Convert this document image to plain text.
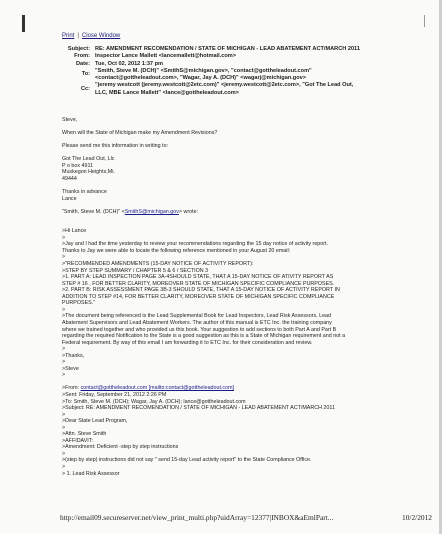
Print | Close Window
Subject: RE: AMENDMENT RECOMENDATION / STATE OF MICHIGAN - LEAD ABATEMENT ACT/MARCH 2011
From: Inspector Lance Mallett <lancemallett@hotmail.com>
Date: Tue, Oct 02, 2012 1:37 pm
To:
"Smith, Steve M. (DCH)" <SmithS@michigan.gov>, "contact@gottheleadout.com"
<contact@gottheleadout.com>, "Wagar, Jay A. (DCH)" <wagarj@michigan.gov>
Cc:
"jeremy westcott (jeremy.westcott@2etc.com)" <jeremy.westcott@2etc.com>, "Got The Lead Out,
LLC, MBE Lance Mallett" <lance@gottheleadout.com>
Steve,
When will the State of Michigan make my Amendment Revisions?
Please send me this information in writing to:
Got The Lead Out, Llc
P o box 4911
Muskegon Heights,Mi.
49444
Thanks in advance
Lance
"Smith, Steve M. (DCH)" <SmithS@michigan.gov> wrote:
>Hi Lance
>
>Jay and I had the time yesterday to review your recommendations regarding the 15 day notice of activity report.
Thanks to Jay we were able to locate the following reference mentioned in your August 20 email:
>
>"RECOMMENDED AMENDMENTS (15-DAY NOTICE OF ACTIVITY REPORT):
>STEP BY STEP SUMMARY / CHAPTER 5 & 6 / SECTION 3
>1. PART A: LEAD INSPECTION PAGE 3A-4SHOULD STATE, THAT A 15-DAY NOTICE OF ATIVITY REPORT AS
STEP # 16 , FOR BETTER CLARITY, MOREOVER STATE OF MICHIGAN SPECIFIC COMPLIANCE PURPOSES.
>2. PART B: RISK ASSESSMENT PAGE 3B-3 SHOULD STATE, THAT A 15-DAY NOTICE OF ACTIVITY REPORT IN
ADDITION TO STEP #14, FOR BETTER CLARITY, MOREOVER STATE OF MICHIGAN SPECIFIC COMPLIANCE
PURPOSES."
>
>The document being referenced is the Lead Supplemental Book for Lead Inspectors, Lead Risk Assessors, Lead
Abatement Supervisors and Lead Abatement Workers. The author of this manual is ETC Inc. the training company
where we trained together and who provided us this book. Your suggestion to add sections to both Part A and Part B
regarding the required Notification to the State is a good suggestion as this is a State of Michigan requirement and not a
Federal requirement. By way of this email I am forwarding it to ETC Inc. for their consideration and review.
>
>Thanks,
>
>Steve
>
>From: contact@gottheleadout.com [mailto:contact@gottheleadout.com]
>Sent: Friday, September 21, 2012 2:26 PM
>To: Smith, Steve M. (DCH); Wagar, Jay A. (DCH); lance@gottheleadout.com
>Subject: RE: AMENDMENT RECOMENDATION / STATE OF MICHIGAN - LEAD ABATEMENT ACT/MARCH 2011
>
>Dear State Lead Program,
>
>Attn. Steve Smith
>AFFIDAVIT:
>Amendment: Deficient -step by step instructions
>
>(step by step) instructions did not say " send 15-day Lead activity report" to the State Compliance Office.
>
> 1. Lead Risk Assessor
http://email09.secureserver.net/view_print_multi.php?uidArray=12377|INBOX&aEmlPart...	10/2/2012
